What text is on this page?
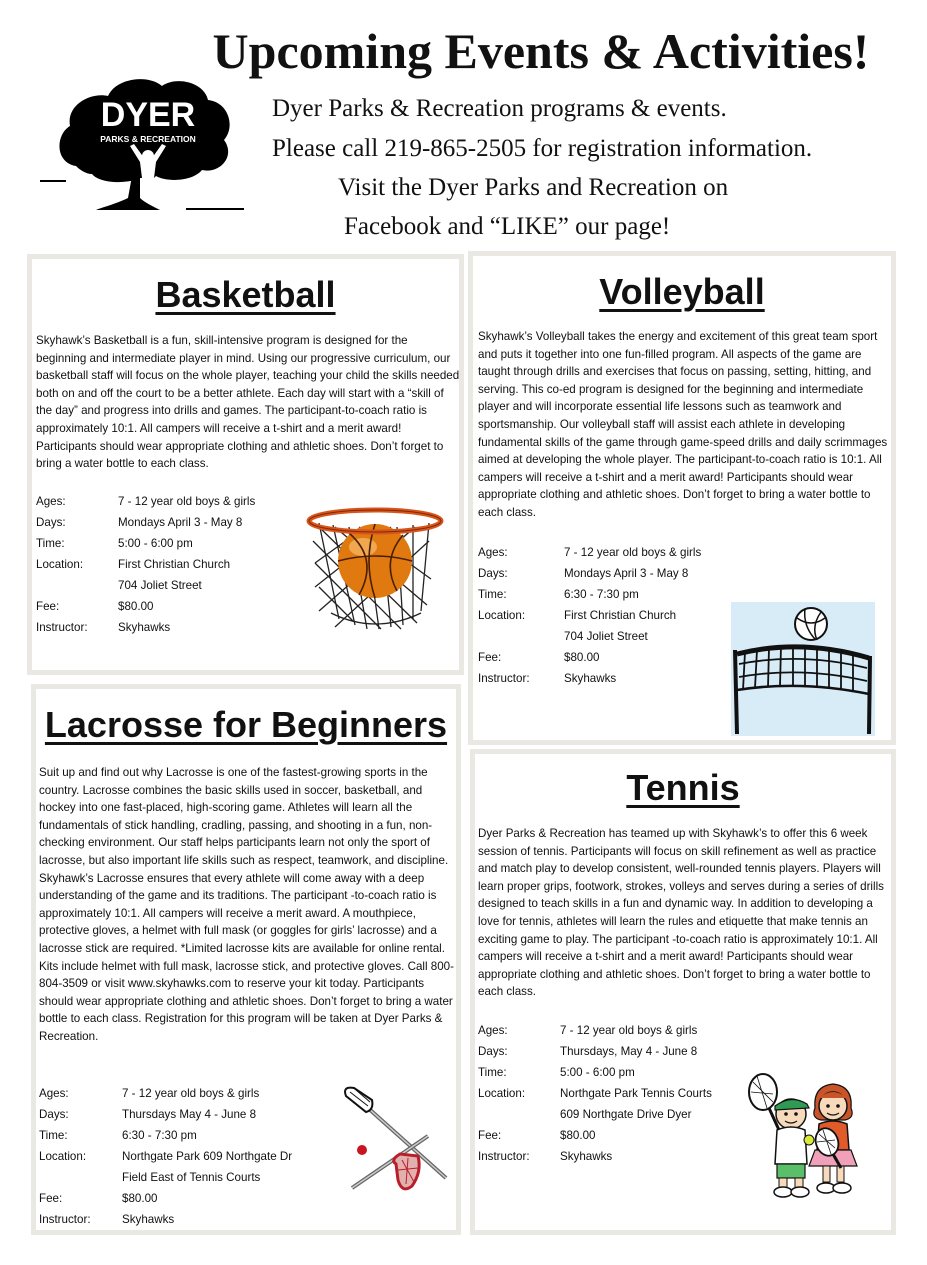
Upcoming Events & Activities!
Dyer Parks & Recreation programs & events.
Please call 219-865-2505 for registration information.
Visit the Dyer Parks and Recreation on
Facebook and “LIKE” our page!
DYER
PARKS & RECREATION
Basketball

Skyhawk’s Basketball is a fun, skill-intensive program is designed for the beginning and intermediate player in mind. Using our progressive curriculum, our basketball staff will focus on the whole player, teaching your child the skills needed both on and off the court to be a better athlete. Each day will start with a “skill of the day” and progress into drills and games. The participant-to-coach ratio is approximately 10:1. All campers will receive a t-shirt and a merit award! Participants should wear appropriate clothing and athletic shoes. Don’t forget to bring a water bottle to each class.

Ages:	7 - 12 year old boys & girls
Days:	Mondays April 3 - May 8
Time:	5:00 - 6:00 pm
Location:	First Christian Church
704 Joliet Street
Fee:	$80.00
Instructor:	Skyhawks
Volleyball

Skyhawk’s Volleyball takes the energy and excitement of this great team sport and puts it together into one fun-filled program. All aspects of the game are taught through drills and exercises that focus on passing, setting, hitting, and serving. This co-ed program is designed for the beginning and intermediate player and will incorporate essential life lessons such as teamwork and sportsmanship. Our volleyball staff will assist each athlete in developing fundamental skills of the game through game-speed drills and daily scrimmages aimed at developing the whole player. The participant-to-coach ratio is 10:1. All campers will receive a t-shirt and a merit award! Participants should wear appropriate clothing and athletic shoes. Don’t forget to bring a water bottle to each class.

Ages:	7 - 12 year old boys & girls
Days:	Mondays April 3 - May 8
Time:	6:30 - 7:30 pm
Location:	First Christian Church
704 Joliet Street
Fee:	$80.00
Instructor:	Skyhawks
Lacrosse for Beginners

Suit up and find out why Lacrosse is one of the fastest-growing sports in the country. Lacrosse combines the basic skills used in soccer, basketball, and hockey into one fast-placed, high-scoring game. Athletes will learn all the fundamentals of stick handling, cradling, passing, and shooting in a fun, non-checking environment. Our staff helps participants learn not only the sport of lacrosse, but also important life skills such as respect, teamwork, and discipline. Skyhawk’s Lacrosse ensures that every athlete will come away with a deep understanding of the game and its traditions. The participant -to-coach ratio is approximately 10:1. All campers will receive a merit award. A mouthpiece, protective gloves, a helmet with full mask (or goggles for girls’ lacrosse) and a lacrosse stick are required. *Limited lacrosse kits are available for online rental. Kits include helmet with full mask, lacrosse stick, and protective gloves. Call 800-804-3509 or visit www.skyhawks.com to reserve your kit today. Participants should wear appropriate clothing and athletic shoes. Don’t forget to bring a water bottle to each class. Registration for this program will be taken at Dyer Parks & Recreation.

Ages:	7 - 12 year old boys & girls
Days:	Thursdays May 4 - June 8
Time:	6:30 - 7:30 pm
Location:	Northgate Park 609 Northgate Dr
Field East of Tennis Courts
Fee:	$80.00
Instructor:	Skyhawks
Tennis

Dyer Parks & Recreation has teamed up with Skyhawk’s to offer this 6 week session of tennis. Participants will focus on skill refinement as well as practice and match play to develop consistent, well-rounded tennis players. Players will learn proper grips, footwork, strokes, volleys and serves during a series of drills designed to teach skills in a fun and dynamic way. In addition to developing a love for tennis, athletes will learn the rules and etiquette that make tennis an exciting game to play. The participant -to-coach ratio is approximately 10:1. All campers will receive a t-shirt and a merit award! Participants should wear appropriate clothing and athletic shoes. Don’t forget to bring a water bottle to each class.

Ages:	7 - 12 year old boys & girls
Days:	Thursdays, May 4 - June 8
Time:	5:00 - 6:00 pm
Location:	Northgate Park Tennis Courts
609 Northgate Drive Dyer
Fee:	$80.00
Instructor:	Skyhawks
